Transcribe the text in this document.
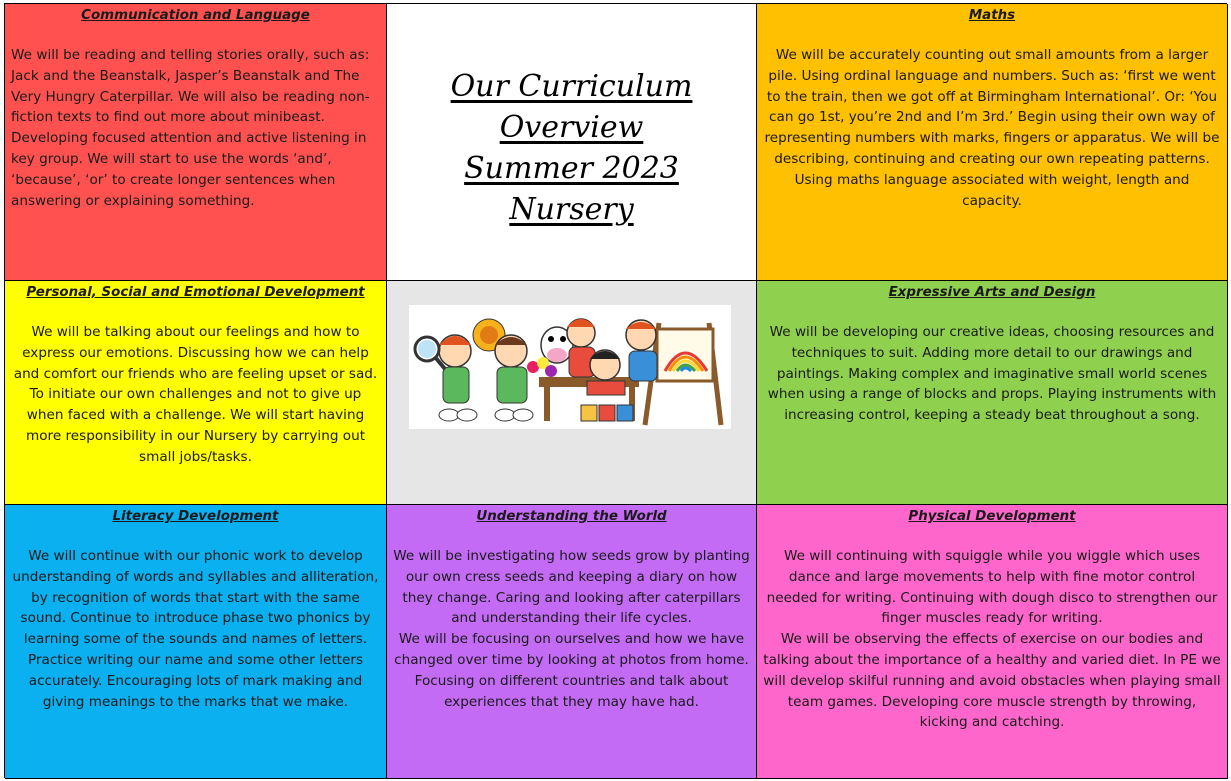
Communication and Language
We will be reading and telling stories orally, such as: Jack and the Beanstalk, Jasper’s Beanstalk and The Very Hungry Caterpillar. We will also be reading non-fiction texts to find out more about minibeast.
Developing focused attention and active listening in key group. We will start to use the words ‘and’, ‘because’, ‘or’ to create longer sentences when answering or explaining something.
Our Curriculum
Overview
Summer 2023
Nursery
Maths
We will be accurately counting out small amounts from a larger pile. Using ordinal language and numbers. Such as: ‘first we went to the train, then we got off at Birmingham International’. Or: ‘You can go 1st, you’re 2nd and I’m 3rd.’ Begin using their own way of representing numbers with marks, fingers or apparatus. We will be describing, continuing and creating our own repeating patterns. Using maths language associated with weight, length and capacity.
Personal, Social and Emotional Development
We will be talking about our feelings and how to express our emotions. Discussing how we can help and comfort our friends who are feeling upset or sad. To initiate our own challenges and not to give up when faced with a challenge. We will start having more responsibility in our Nursery by carrying out small jobs/tasks.
Expressive Arts and Design
We will be developing our creative ideas, choosing resources and techniques to suit. Adding more detail to our drawings and paintings. Making complex and imaginative small world scenes when using a range of blocks and props. Playing instruments with increasing control, keeping a steady beat throughout a song.
Literacy Development
We will continue with our phonic work to develop understanding of words and syllables and alliteration, by recognition of words that start with the same sound. Continue to introduce phase two phonics by learning some of the sounds and names of letters. Practice writing our name and some other letters accurately. Encouraging lots of mark making and giving meanings to the marks that we make.
Understanding the World
We will be investigating how seeds grow by planting our own cress seeds and keeping a diary on how they change. Caring and looking after caterpillars and understanding their life cycles.
We will be focusing on ourselves and how we have changed over time by looking at photos from home. Focusing on different countries and talk about experiences that they may have had.
Physical Development
We will continuing with squiggle while you wiggle which uses dance and large movements to help with fine motor control needed for writing. Continuing with dough disco to strengthen our finger muscles ready for writing.
We will be observing the effects of exercise on our bodies and talking about the importance of a healthy and varied diet. In PE we will develop skilful running and avoid obstacles when playing small team games. Developing core muscle strength by throwing, kicking and catching.
